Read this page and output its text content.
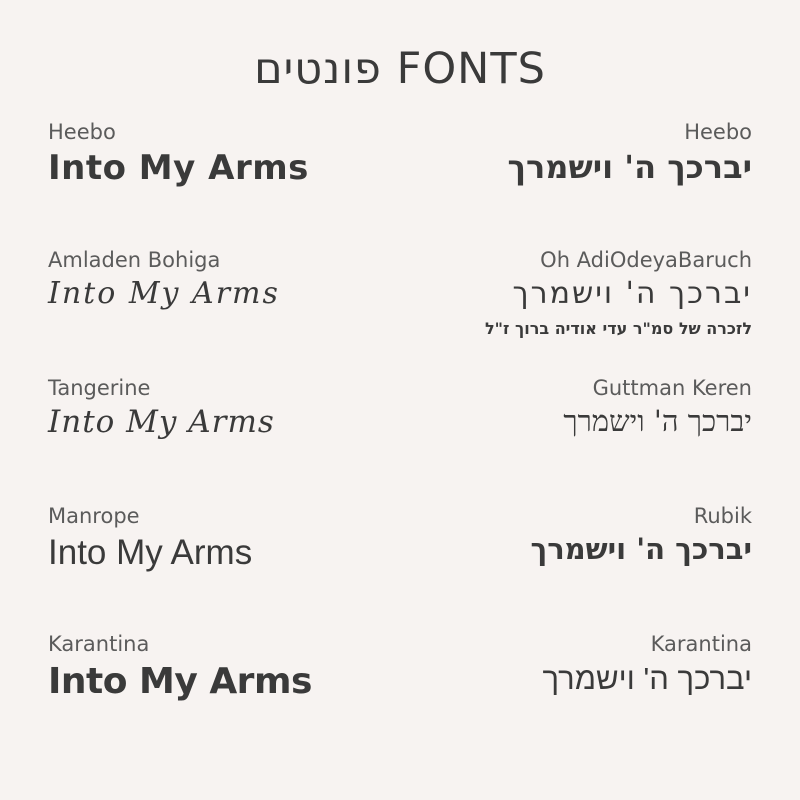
פונטים FONTS
Heebo
Into My Arms
Heebo
יברכך ה' וישמרך
Amladen Bohiga
Into My Arms
Oh AdiOdeyaBaruch
יברכך ה' וישמרך
לזכרה של סמ"ר עדי אודיה ברוך ז"ל
Tangerine
Into My Arms
Guttman Keren
יברכך ה' וישמרך
Manrope
Into My Arms
Rubik
יברכך ה' וישמרך
Karantina
Into My Arms
Karantina
יברכך ה' וישמרך
